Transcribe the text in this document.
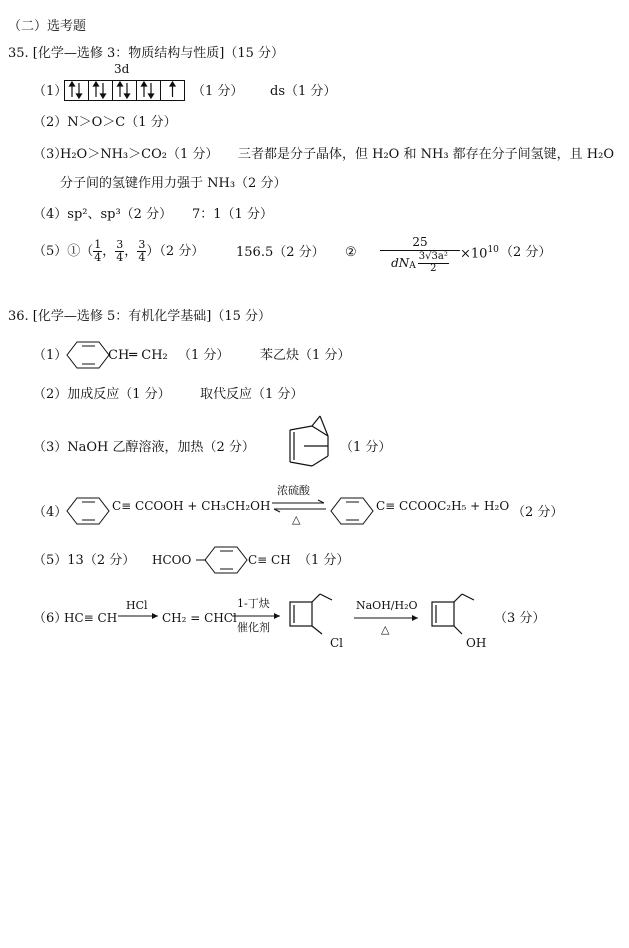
（二）选考题
35. [化学—选修 3：物质结构与性质]（15 分）
3d
（1）	（1 分） ds（1 分）
（2）N＞O＞C（1 分）
（3）
H₂O＞NH₃＞CO₂（1 分） 三者都是分子晶体，但 H₂O 和 NH₃ 都存在分子间氢键，且 H₂O
分子间的氢键作用力强于 NH₃（2 分）
（4）sp²、sp³（2 分） 7：1（1 分）
（5）①（ $\frac{1}{4}$ ， $\frac{3}{4}$ ， $\frac{3}{4} )(2$ 分） 156.5（2 分） ②
25
dN A $\frac{\text{3√3a²}}{2} \times 10^{10}$ （2 分）
36. [化学—选修 5：有机化学基础]（15 分）
（1）	CH═ CH₂ （1 分） 苯乙炔（1 分）
（2）加成反应（1 分） 取代反应（1 分）
（3）NaOH 乙醇溶液，加热（2 分）	（1 分）
（4）	C≡ CCOOH + CH₃CH₂OH
浓硫酸
△
C≡ CCOOC₂H₅ + H₂O （2 分）
（5）13（2 分） HCOO	C≡ CH （1 分）
（6）
HC≡ CH
HCl
CH₂ = CHCl
1-丁炔
催化剂
Cl
NaOH/H₂O
△
OH
（3 分）
